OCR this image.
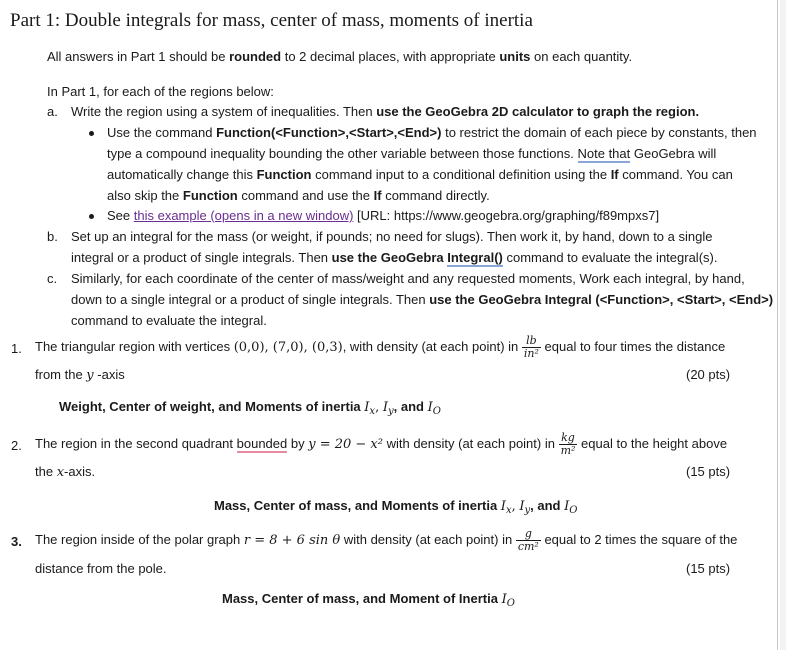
Part 1: Double integrals for mass, center of mass, moments of inertia
All answers in Part 1 should be rounded to 2 decimal places, with appropriate units on each quantity.
In Part 1, for each of the regions below:
a. Write the region using a system of inequalities. Then use the GeoGebra 2D calculator to graph the region.
Use the command Function(<Function>,<Start>,<End>) to restrict the domain of each piece by constants, then
type a compound inequality bounding the other variable between those functions. Note that GeoGebra will
automatically change this Function command input to a conditional definition using the If command. You can
also skip the Function command and use the If command directly.
See this example (opens in a new window) [URL: https://www.geogebra.org/graphing/f89mpxs7]
b. Set up an integral for the mass (or weight, if pounds; no need for slugs). Then work it, by hand, down to a single
integral or a product of single integrals. Then use the GeoGebra Integral() command to evaluate the integral(s).
c. Similarly, for each coordinate of the center of mass/weight and any requested moments, Work each integral, by hand,
down to a single integral or a product of single integrals. Then use the GeoGebra Integral (<Function>, <Start>, <End>)
command to evaluate the integral.
1. The triangular region with vertices (0,0), (7,0), (0,3), with density (at each point) in $\frac{lb}{\text{in²}}$ equal to four times the distance
from the y -axis	(20 pts)
Weight, Center of weight, and Moments of inertia $I_x$, $I_y$, and $I_O$
2. The region in the second quadrant bounded by y = 20 − x² with density (at each point) in $\frac{kg}{\text{m²}}$ equal to the height above
the x-axis.	(15 pts)
Mass, Center of mass, and Moments of inertia $I_x$, $I_y$, and $I_O$
3. The region inside of the polar graph r = 8 + 6 sin θ with density (at each point) in $\frac{g}{\text{cm²}}$ equal to 2 times the square of the
distance from the pole.	(15 pts)
Mass, Center of mass, and Moment of Inertia $I_O$
